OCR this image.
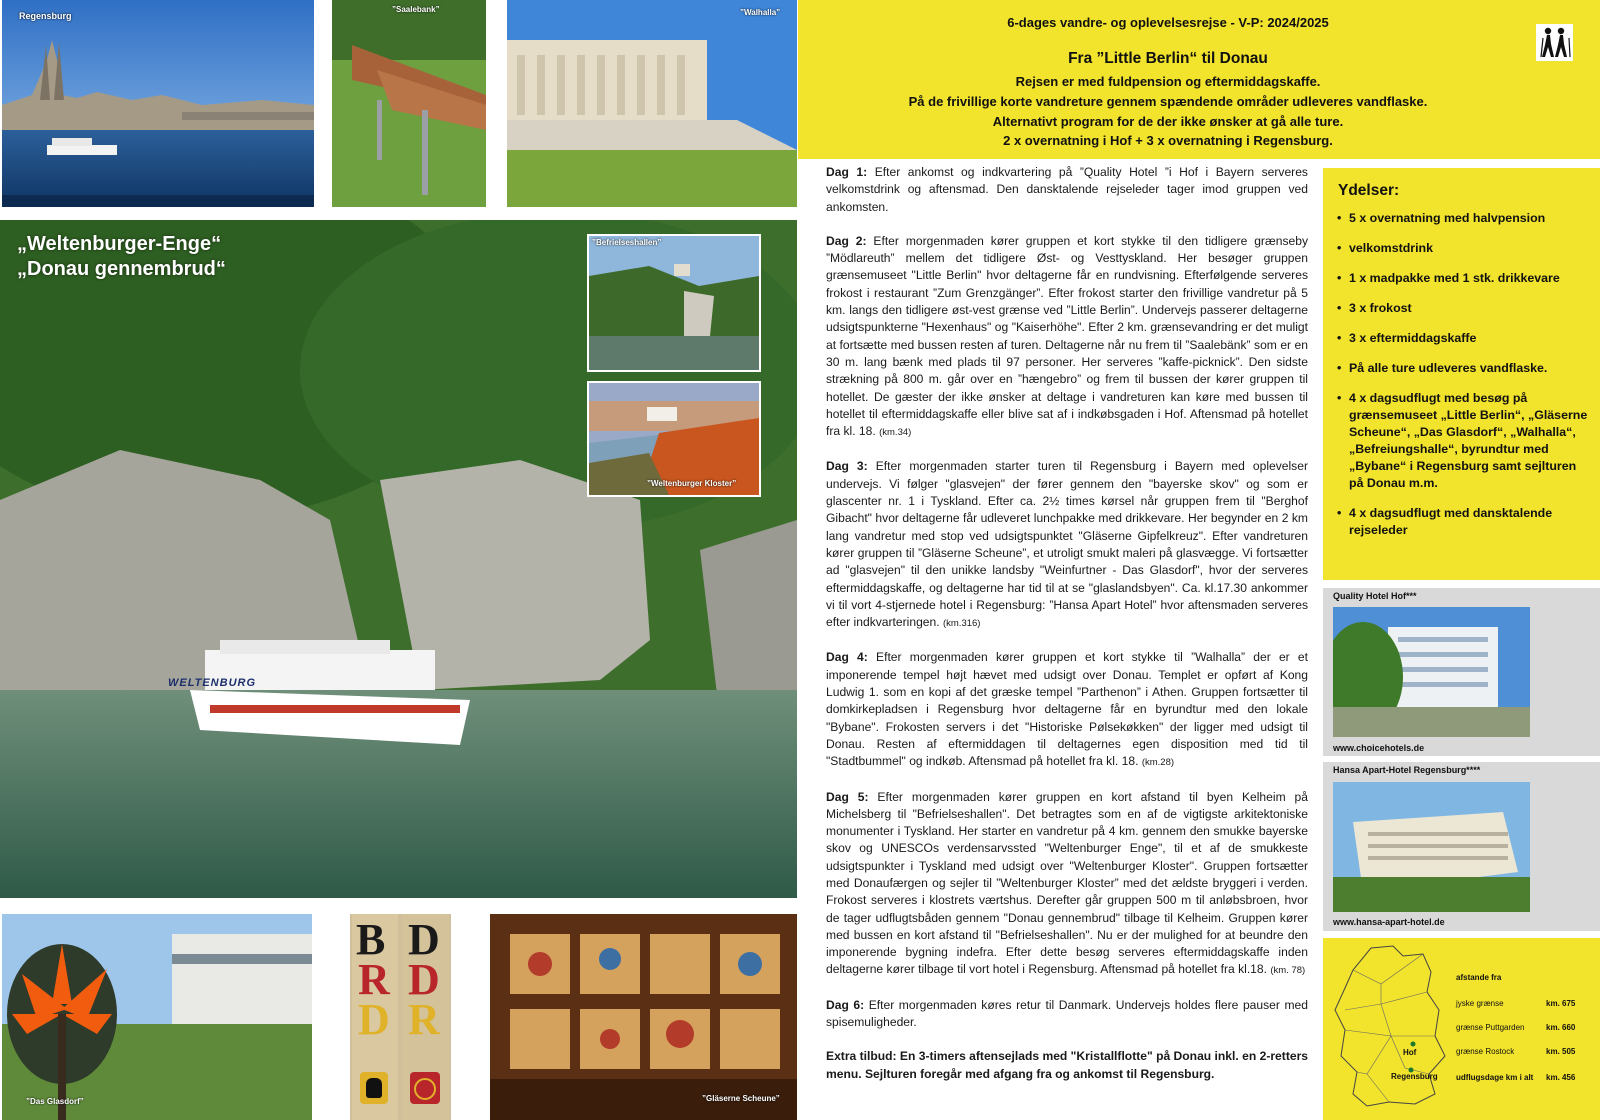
Regensburg
”Saalebank”	”Walhalla”
„Weltenburger-Enge“
„Donau gennembrud“
WELTENBURG
”Befrielseshallen”
”Weltenburger Kloster”
”Das Glasdorf”
B
R
D
D
D
R
”Gläserne Scheune”
6-dages vandre- og oplevelsesrejse - V-P: 2024/2025
Fra ”Little Berlin“ til Donau
Rejsen er med fuldpension og eftermiddagskaffe.
På de frivillige korte vandreture gennem spændende områder udleveres vandflaske.
Alternativt program for de der ikke ønsker at gå alle ture.
2 x overnatning i Hof + 3 x overnatning i Regensburg.

Dag 1: Efter ankomst og indkvartering på ”Quality Hotel ”i Hof i Bayern serveres velkomstdrink og aftensmad. Den dansktalende rejseleder tager imod gruppen ved ankomsten.

Dag 2: Efter morgenmaden kører gruppen et kort stykke til den tidligere grænseby ”Mödlareuth” mellem det tidligere Øst- og Vesttyskland. Her besøger gruppen grænsemuseet "Little Berlin" hvor deltagerne får en rundvisning. Efterfølgende serveres frokost i restaurant ”Zum Grenzgänger”. Efter frokost starter den frivillige vandretur på 5 km. langs den tidligere øst-vest grænse ved ”Little Berlin”. Undervejs passerer deltagerne udsigtspunkterne "Hexenhaus" og "Kaiserhöhe". Efter 2 km. grænsevandring er det muligt at fortsætte med bussen resten af turen. Deltagerne når nu frem til ”Saalebänk” som er en 30 m. lang bænk med plads til 97 personer. Her serveres ”kaffe-picknick”. Den sidste strækning på 800 m. går over en ”hængebro” og frem til bussen der kører gruppen til hotellet. De gæster der ikke ønsker at deltage i vandreturen kan køre med bussen til hotellet til eftermiddagskaffe eller blive sat af i indkøbsgaden i Hof. Aftensmad på hotellet fra kl. 18. (km.34)

Dag 3: Efter morgenmaden starter turen til Regensburg i Bayern med oplevelser undervejs. Vi følger "glasvejen" der fører gennem den "bayerske skov" og som er glascenter nr. 1 i Tyskland. Efter ca. 2½ times kørsel når gruppen frem til "Berghof Gibacht" hvor deltagerne får udleveret lunchpakke med drikkevare. Her begynder en 2 km lang vandretur med stop ved udsigtspunktet "Gläserne Gipfelkreuz". Efter vandreturen kører gruppen til ”Gläserne Scheune”, et utroligt smukt maleri på glasvægge. Vi fortsætter ad "glasvejen" til den unikke landsby "Weinfurtner - Das Glasdorf", hvor der serveres eftermiddagskaffe, og deltagerne har tid til at se "glaslandsbyen". Ca. kl.17.30 ankommer vi til vort 4-stjernede hotel i Regensburg: ”Hansa Apart Hotel” hvor aftensmaden serveres efter indkvarteringen. (km.316)

Dag 4: Efter morgenmaden kører gruppen et kort stykke til ”Walhalla” der er et imponerende tempel højt hævet med udsigt over Donau. Templet er opført af Kong Ludwig 1. som en kopi af det græske tempel ”Parthenon” i Athen. Gruppen fortsætter til domkirkepladsen i Regensburg hvor deltagerne får en byrundtur med den lokale "Bybane". Frokosten servers i det "Historiske Pølsekøkken" der ligger med udsigt til Donau. Resten af eftermiddagen til deltagernes egen disposition med tid til "Stadtbummel" og indkøb. Aftensmad på hotellet fra kl. 18. (km.28)

Dag 5: Efter morgenmaden kører gruppen en kort afstand til byen Kelheim på Michelsberg til "Befrielseshallen". Det betragtes som en af de vigtigste arkitektoniske monumenter i Tyskland. Her starter en vandretur på 4 km. gennem den smukke bayerske skov og UNESCOs verdensarvssted "Weltenburger Enge", til et af de smukkeste udsigtspunkter i Tyskland med udsigt over "Weltenburger Kloster". Gruppen fortsætter med Donaufærgen og sejler til ”Weltenburger Kloster” med det ældste bryggeri i verden. Frokost serveres i klostrets værtshus. Derefter går gruppen 500 m til anløbsbroen, hvor de tager udflugtsbåden gennem "Donau gennembrud" tilbage til Kelheim. Gruppen kører med bussen en kort afstand til "Befrielseshallen". Nu er der mulighed for at beundre den imponerende bygning indefra. Efter dette besøg serveres eftermiddagskaffe inden deltagerne kører tilbage til vort hotel i Regensburg. Aftensmad på hotellet fra kl.18. (km. 78)

Dag 6: Efter morgenmaden køres retur til Danmark. Undervejs holdes flere pauser med spisemuligheder.

Extra tilbud: En 3-timers aftensejlads med "Kristallflotte" på Donau inkl. en 2-retters menu. Sejlturen foregår med afgang fra og ankomst til Regensburg.

Ydelser:
• 5 x overnatning med halvpension
• velkomstdrink
• 1 x madpakke med 1 stk. drikkevare
• 3 x frokost
• 3 x eftermiddagskaffe
• På alle ture udleveres vandflaske.
• 4 x dagsudflugt med besøg på grænsemuseet „Little Berlin“, „Gläserne Scheune“, „Das Glasdorf“, „Walhalla“, „Befreiungshalle“, byrundtur med „Bybane“ i Regensburg samt sejlturen på Donau m.m.
• 4 x dagsudflugt med dansktalende rejseleder
Quality Hotel Hof***
www.choicehotels.de
Hansa Apart-Hotel Regensburg****
www.hansa-apart-hotel.de
Hof
Regensburg
afstande fra
jyske grænse	km. 675
grænse Puttgarden	km. 660
grænse Rostock	km. 505
udflugsdage km i alt km. 456
